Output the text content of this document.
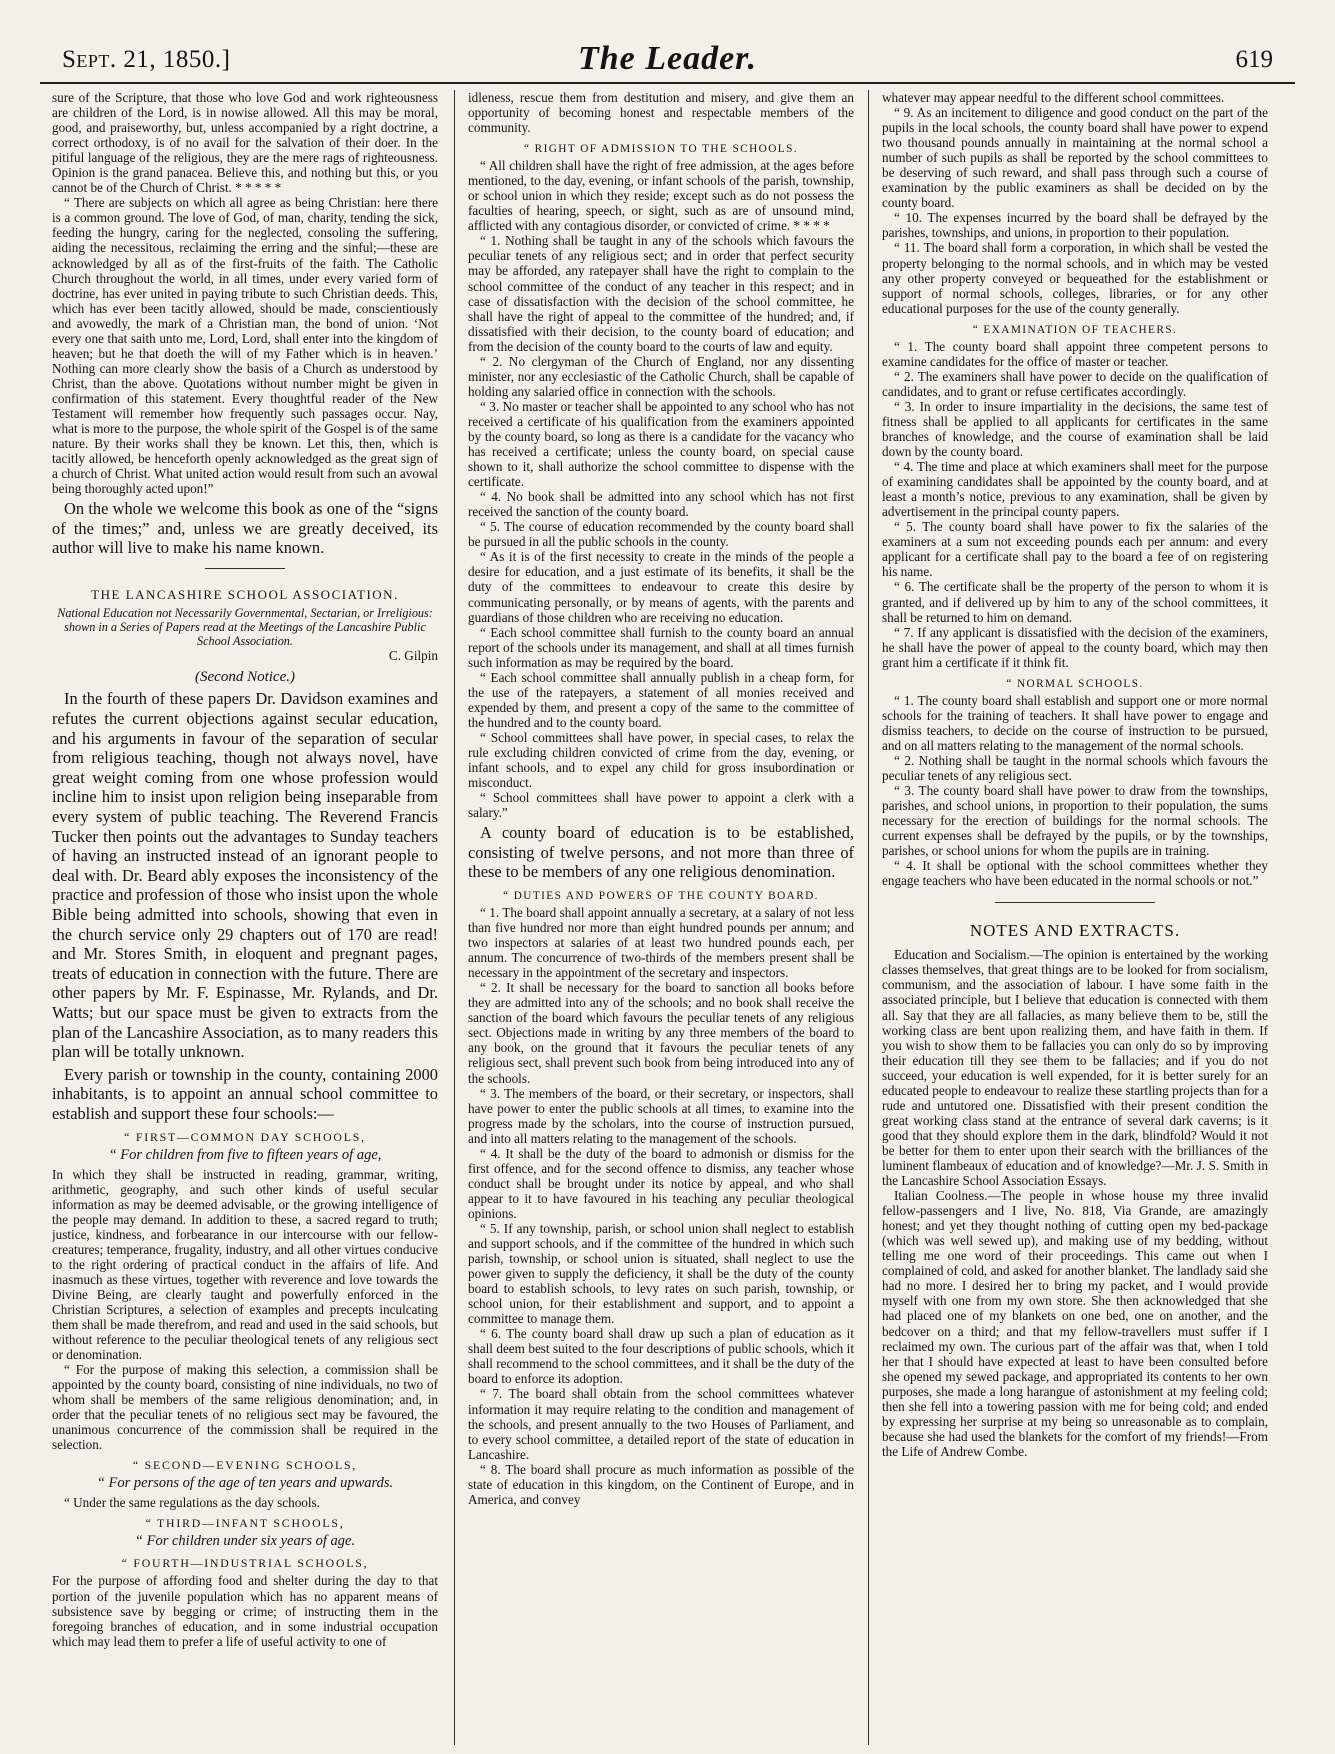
Sept. 21, 1850.]	The Leader.	619

sure of the Scripture, that those who love God and work righteousness are children of the Lord, is in nowise allowed. All this may be moral, good, and praiseworthy, but, unless accompanied by a right doctrine, a correct orthodoxy, is of no avail for the salvation of their doer. In the pitiful language of the religious, they are the mere rags of righteousness. Opinion is the grand panacea. Believe this, and nothing but this, or you cannot be of the Church of Christ. * * * * *

“ There are subjects on which all agree as being Christian: here there is a common ground. The love of God, of man, charity, tending the sick, feeding the hungry, caring for the neglected, consoling the suffering, aiding the necessitous, reclaiming the erring and the sinful;—these are acknowledged by all as of the first-fruits of the faith. The Catholic Church throughout the world, in all times, under every varied form of doctrine, has ever united in paying tribute to such Christian deeds. This, which has ever been tacitly allowed, should be made, conscientiously and avowedly, the mark of a Christian man, the bond of union. ‘Not every one that saith unto me, Lord, Lord, shall enter into the kingdom of heaven; but he that doeth the will of my Father which is in heaven.’ Nothing can more clearly show the basis of a Church as understood by Christ, than the above. Quotations without number might be given in confirmation of this statement. Every thoughtful reader of the New Testament will remember how frequently such passages occur. Nay, what is more to the purpose, the whole spirit of the Gospel is of the same nature. By their works shall they be known. Let this, then, which is tacitly allowed, be henceforth openly acknowledged as the great sign of a church of Christ. What united action would result from such an avowal being thoroughly acted upon!”

On the whole we welcome this book as one of the “signs of the times;” and, unless we are greatly deceived, its author will live to make his name known.

THE LANCASHIRE SCHOOL ASSOCIATION.
National Education not Necessarily Governmental, Sectarian, or Irreligious: shown in a Series of Papers read at the Meetings of the Lancashire Public School Association.

C. Gilpin

(Second Notice.)

In the fourth of these papers Dr. Davidson examines and refutes the current objections against secular education, and his arguments in favour of the separation of secular from religious teaching, though not always novel, have great weight coming from one whose profession would incline him to insist upon religion being inseparable from every system of public teaching. The Reverend Francis Tucker then points out the advantages to Sunday teachers of having an instructed instead of an ignorant people to deal with. Dr. Beard ably exposes the inconsistency of the practice and profession of those who insist upon the whole Bible being admitted into schools, showing that even in the church service only 29 chapters out of 170 are read! and Mr. Stores Smith, in eloquent and pregnant pages, treats of education in connection with the future. There are other papers by Mr. F. Espinasse, Mr. Rylands, and Dr. Watts; but our space must be given to extracts from the plan of the Lancashire Association, as to many readers this plan will be totally unknown.

Every parish or township in the county, containing 2000 inhabitants, is to appoint an annual school committee to establish and support these four schools:—

“ FIRST—COMMON DAY SCHOOLS,
“ For children from five to fifteen years of age,

In which they shall be instructed in reading, grammar, writing, arithmetic, geography, and such other kinds of useful secular information as may be deemed advisable, or the growing intelligence of the people may demand. In addition to these, a sacred regard to truth; justice, kindness, and forbearance in our intercourse with our fellow-creatures; temperance, frugality, industry, and all other virtues conducive to the right ordering of practical conduct in the affairs of life. And inasmuch as these virtues, together with reverence and love towards the Divine Being, are clearly taught and powerfully enforced in the Christian Scriptures, a selection of examples and precepts inculcating them shall be made therefrom, and read and used in the said schools, but without reference to the peculiar theological tenets of any religious sect or denomination.

“ For the purpose of making this selection, a commission shall be appointed by the county board, consisting of nine individuals, no two of whom shall be members of the same religious denomination; and, in order that the peculiar tenets of no religious sect may be favoured, the unanimous concurrence of the commission shall be required in the selection.

“ SECOND—EVENING SCHOOLS,
“ For persons of the age of ten years and upwards.

“ Under the same regulations as the day schools.

“ THIRD—INFANT SCHOOLS,
“ For children under six years of age.
“ FOURTH—INDUSTRIAL SCHOOLS,

For the purpose of affording food and shelter during the day to that portion of the juvenile population which has no apparent means of subsistence save by begging or crime; of instructing them in the foregoing branches of education, and in some industrial occupation which may lead them to prefer a life of useful activity to one of

idleness, rescue them from destitution and misery, and give them an opportunity of becoming honest and respectable members of the community.

“ RIGHT OF ADMISSION TO THE SCHOOLS.

“ All children shall have the right of free admission, at the ages before mentioned, to the day, evening, or infant schools of the parish, township, or school union in which they reside; except such as do not possess the faculties of hearing, speech, or sight, such as are of unsound mind, afflicted with any contagious disorder, or convicted of crime. * * * *

“ 1. Nothing shall be taught in any of the schools which favours the peculiar tenets of any religious sect; and in order that perfect security may be afforded, any ratepayer shall have the right to complain to the school committee of the conduct of any teacher in this respect; and in case of dissatisfaction with the decision of the school committee, he shall have the right of appeal to the committee of the hundred; and, if dissatisfied with their decision, to the county board of education; and from the decision of the county board to the courts of law and equity.

“ 2. No clergyman of the Church of England, nor any dissenting minister, nor any ecclesiastic of the Catholic Church, shall be capable of holding any salaried office in connection with the schools.

“ 3. No master or teacher shall be appointed to any school who has not received a certificate of his qualification from the examiners appointed by the county board, so long as there is a candidate for the vacancy who has received a certificate; unless the county board, on special cause shown to it, shall authorize the school committee to dispense with the certificate.

“ 4. No book shall be admitted into any school which has not first received the sanction of the county board.

“ 5. The course of education recommended by the county board shall be pursued in all the public schools in the county.

“ As it is of the first necessity to create in the minds of the people a desire for education, and a just estimate of its benefits, it shall be the duty of the committees to endeavour to create this desire by communicating personally, or by means of agents, with the parents and guardians of those children who are receiving no education.

“ Each school committee shall furnish to the county board an annual report of the schools under its management, and shall at all times furnish such information as may be required by the board.

“ Each school committee shall annually publish in a cheap form, for the use of the ratepayers, a statement of all monies received and expended by them, and present a copy of the same to the committee of the hundred and to the county board.

“ School committees shall have power, in special cases, to relax the rule excluding children convicted of crime from the day, evening, or infant schools, and to expel any child for gross insubordination or misconduct.

“ School committees shall have power to appoint a clerk with a salary.”

A county board of education is to be established, consisting of twelve persons, and not more than three of these to be members of any one religious denomination.

“ DUTIES AND POWERS OF THE COUNTY BOARD.

“ 1. The board shall appoint annually a secretary, at a salary of not less than five hundred nor more than eight hundred pounds per annum; and two inspectors at salaries of at least two hundred pounds each, per annum. The concurrence of two-thirds of the members present shall be necessary in the appointment of the secretary and inspectors.

“ 2. It shall be necessary for the board to sanction all books before they are admitted into any of the schools; and no book shall receive the sanction of the board which favours the peculiar tenets of any religious sect. Objections made in writing by any three members of the board to any book, on the ground that it favours the peculiar tenets of any religious sect, shall prevent such book from being introduced into any of the schools.

“ 3. The members of the board, or their secretary, or inspectors, shall have power to enter the public schools at all times, to examine into the progress made by the scholars, into the course of instruction pursued, and into all matters relating to the management of the schools.

“ 4. It shall be the duty of the board to admonish or dismiss for the first offence, and for the second offence to dismiss, any teacher whose conduct shall be brought under its notice by appeal, and who shall appear to it to have favoured in his teaching any peculiar theological opinions.

“ 5. If any township, parish, or school union shall neglect to establish and support schools, and if the committee of the hundred in which such parish, township, or school union is situated, shall neglect to use the power given to supply the deficiency, it shall be the duty of the county board to establish schools, to levy rates on such parish, township, or school union, for their establishment and support, and to appoint a committee to manage them.

“ 6. The county board shall draw up such a plan of education as it shall deem best suited to the four descriptions of public schools, which it shall recommend to the school committees, and it shall be the duty of the board to enforce its adoption.

“ 7. The board shall obtain from the school committees whatever information it may require relating to the condition and management of the schools, and present annually to the two Houses of Parliament, and to every school committee, a detailed report of the state of education in Lancashire.

“ 8. The board shall procure as much information as possible of the state of education in this kingdom, on the Continent of Europe, and in America, and convey

whatever may appear needful to the different school committees.

“ 9. As an incitement to diligence and good conduct on the part of the pupils in the local schools, the county board shall have power to expend two thousand pounds annually in maintaining at the normal school a number of such pupils as shall be reported by the school committees to be deserving of such reward, and shall pass through such a course of examination by the public examiners as shall be decided on by the county board.

“ 10. The expenses incurred by the board shall be defrayed by the parishes, townships, and unions, in proportion to their population.

“ 11. The board shall form a corporation, in which shall be vested the property belonging to the normal schools, and in which may be vested any other property conveyed or bequeathed for the establishment or support of normal schools, colleges, libraries, or for any other educational purposes for the use of the county generally.

“ EXAMINATION OF TEACHERS.

“ 1. The county board shall appoint three competent persons to examine candidates for the office of master or teacher.

“ 2. The examiners shall have power to decide on the qualification of candidates, and to grant or refuse certificates accordingly.

“ 3. In order to insure impartiality in the decisions, the same test of fitness shall be applied to all applicants for certificates in the same branches of knowledge, and the course of examination shall be laid down by the county board.

“ 4. The time and place at which examiners shall meet for the purpose of examining candidates shall be appointed by the county board, and at least a month’s notice, previous to any examination, shall be given by advertisement in the principal county papers.

“ 5. The county board shall have power to fix the salaries of the examiners at a sum not exceeding pounds each per annum: and every applicant for a certificate shall pay to the board a fee of on registering his name.

“ 6. The certificate shall be the property of the person to whom it is granted, and if delivered up by him to any of the school committees, it shall be returned to him on demand.

“ 7. If any applicant is dissatisfied with the decision of the examiners, he shall have the power of appeal to the county board, which may then grant him a certificate if it think fit.

“ NORMAL SCHOOLS.

“ 1. The county board shall establish and support one or more normal schools for the training of teachers. It shall have power to engage and dismiss teachers, to decide on the course of instruction to be pursued, and on all matters relating to the management of the normal schools.

“ 2. Nothing shall be taught in the normal schools which favours the peculiar tenets of any religious sect.

“ 3. The county board shall have power to draw from the townships, parishes, and school unions, in proportion to their population, the sums necessary for the erection of buildings for the normal schools. The current expenses shall be defrayed by the pupils, or by the townships, parishes, or school unions for whom the pupils are in training.

“ 4. It shall be optional with the school committees whether they engage teachers who have been educated in the normal schools or not.”

NOTES AND EXTRACTS.

Education and Socialism.—The opinion is entertained by the working classes themselves, that great things are to be looked for from socialism, communism, and the association of labour. I have some faith in the associated principle, but I believe that education is connected with them all. Say that they are all fallacies, as many believe them to be, still the working class are bent upon realizing them, and have faith in them. If you wish to show them to be fallacies you can only do so by improving their education till they see them to be fallacies; and if you do not succeed, your education is well expended, for it is better surely for an educated people to endeavour to realize these startling projects than for a rude and untutored one. Dissatisfied with their present condition the great working class stand at the entrance of several dark caverns; is it good that they should explore them in the dark, blindfold? Would it not be better for them to enter upon their search with the brilliances of the luminent flambeaux of education and of knowledge?—Mr. J. S. Smith in the Lancashire School Association Essays.

Italian Coolness.—The people in whose house my three invalid fellow-passengers and I live, No. 818, Via Grande, are amazingly honest; and yet they thought nothing of cutting open my bed-package (which was well sewed up), and making use of my bedding, without telling me one word of their proceedings. This came out when I complained of cold, and asked for another blanket. The landlady said she had no more. I desired her to bring my packet, and I would provide myself with one from my own store. She then acknowledged that she had placed one of my blankets on one bed, one on another, and the bedcover on a third; and that my fellow-travellers must suffer if I reclaimed my own. The curious part of the affair was that, when I told her that I should have expected at least to have been consulted before she opened my sewed package, and appropriated its contents to her own purposes, she made a long harangue of astonishment at my feeling cold; then she fell into a towering passion with me for being cold; and ended by expressing her surprise at my being so unreasonable as to complain, because she had used the blankets for the comfort of my friends!—From the Life of Andrew Combe.
